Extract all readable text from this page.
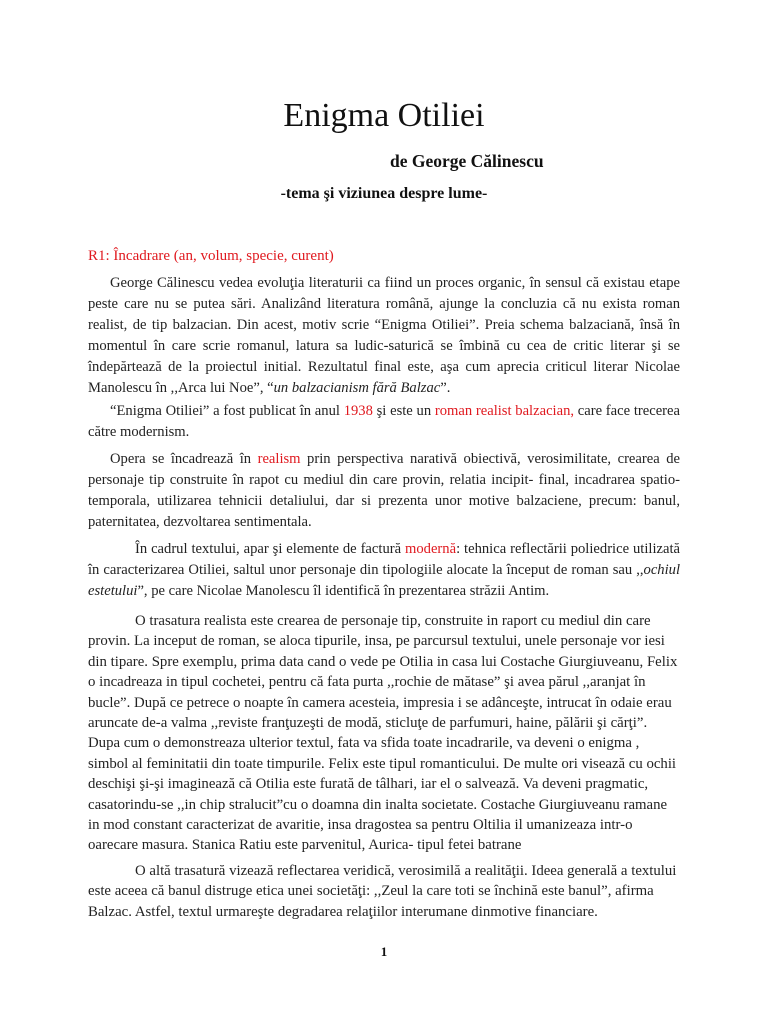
Enigma Otiliei
de George Călinescu
-tema şi viziunea despre lume-
R1: Încadrare (an, volum, specie, curent)

George Călinescu vedea evoluţia literaturii ca fiind un proces organic, în sensul că existau etape peste care nu se putea sări. Analizând literatura română, ajunge la concluzia că nu exista roman realist, de tip balzacian. Din acest, motiv scrie “Enigma Otiliei”. Preia schema balzaciană, însă în momentul în care scrie romanul, latura sa ludic-saturică se îmbină cu cea de critic literar şi se îndepărtează de la proiectul initial. Rezultatul final este, aşa cum aprecia criticul literar Nicolae Manolescu în ,,Arca lui Noe”, “un balzacianism fără Balzac”.

“Enigma Otiliei” a fost publicat în anul 1938 şi este un roman realist balzacian, care face trecerea către modernism.

Opera se încadrează în realism prin perspectiva narativă obiectivă, verosimilitate, crearea de personaje tip construite în rapot cu mediul din care provin, relatia incipit- final, incadrarea spatio-temporala, utilizarea tehnicii detaliului, dar si prezenta unor motive balzaciene, precum: banul, paternitatea, dezvoltarea sentimentala.

În cadrul textului, apar şi elemente de factură modernă: tehnica reflectării poliedrice utilizată în caracterizarea Otiliei, saltul unor personaje din tipologiile alocate la început de roman sau ,,ochiul estetului”, pe care Nicolae Manolescu îl identifică în prezentarea străzii Antim.

O trasatura realista este crearea de personaje tip, construite in raport cu mediul din care provin. La inceput de roman, se aloca tipurile, insa, pe parcursul textului, unele personaje vor iesi din tipare. Spre exemplu, prima data cand o vede pe Otilia in casa lui Costache Giurgiuveanu, Felix o incadreaza in tipul cochetei, pentru că fata purta ,,rochie de mătase” şi avea părul ,,aranjat în bucle”. După ce petrece o noapte în camera acesteia, impresia i se adânceşte, intrucat în odaie erau aruncate de-a valma ,,reviste franţuzeşti de modă, sticluţe de parfumuri, haine, pălării şi cărţi”. Dupa cum o demonstreaza ulterior textul, fata va sfida toate incadrarile, va deveni o enigma , simbol al feminitatii din toate timpurile. Felix este tipul romanticului. De multe ori visează cu ochii deschişi şi-şi imaginează că Otilia este furată de tâlhari, iar el o salvează. Va deveni pragmatic, casatorindu-se ,,in chip stralucit”cu o doamna din inalta societate. Costache Giurgiuveanu ramane in mod constant caracterizat de avaritie, insa dragostea sa pentru Oltilia il umanizeaza intr-o oarecare masura. Stanica Ratiu este parvenitul, Aurica- tipul fetei batrane

O altă trasatură vizează reflectarea veridică, verosimilă a realităţii. Ideea generală a textului este aceea că banul distruge etica unei societăţi: ,,Zeul la care toti se închină este banul”, afirma Balzac. Astfel, textul urmareşte degradarea relaţiilor interumane dinmotive financiare.

1
